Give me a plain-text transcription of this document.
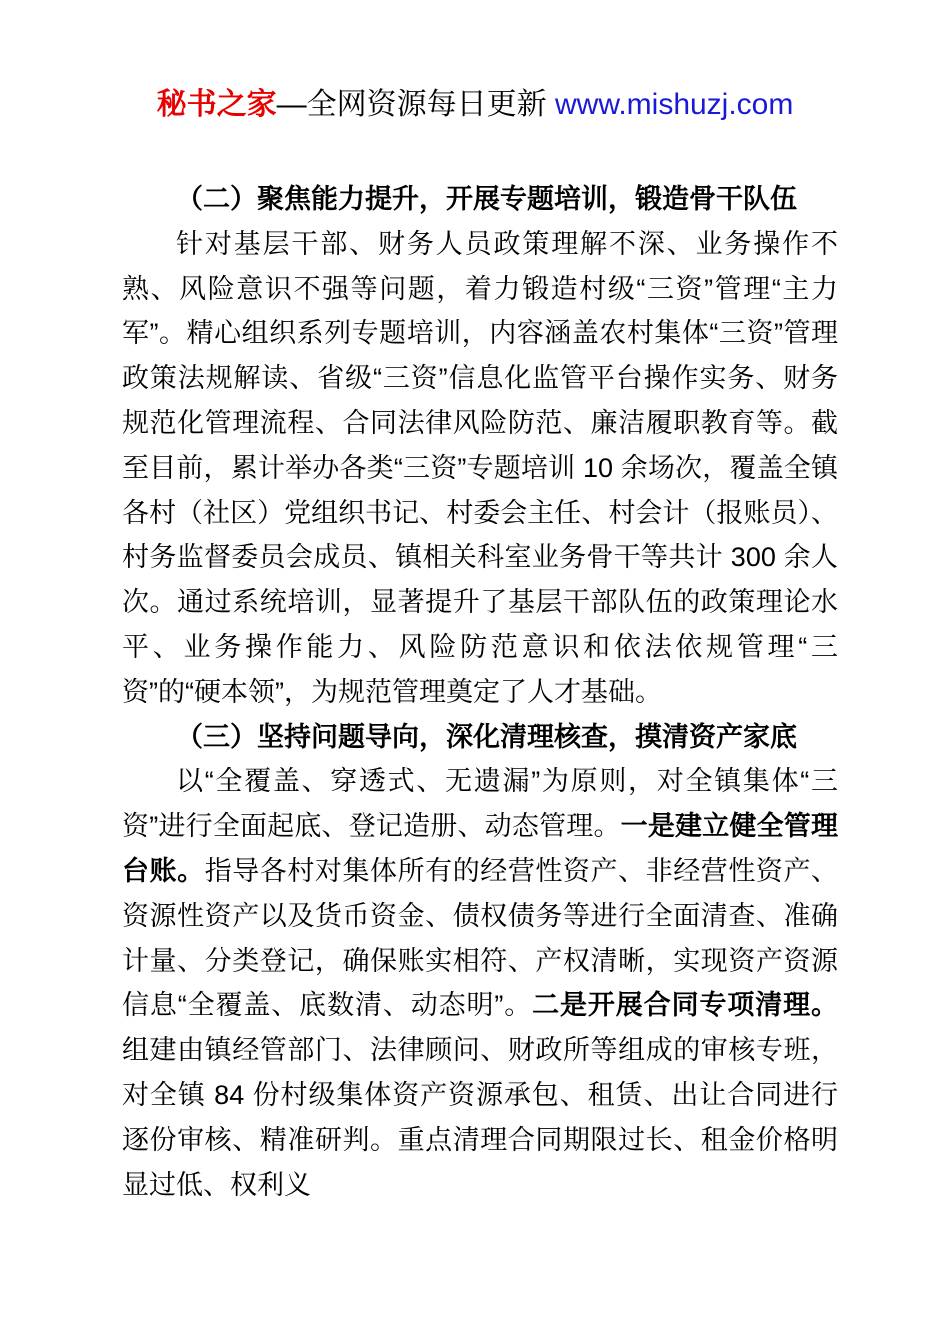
秘书之家—全网资源每日更新 www.mishuzj.com

（二）聚焦能力提升，开展专题培训，锻造骨干队伍

针对基层干部、财务人员政策理解不深、业务操作不熟、风险意识不强等问题，着力锻造村级“三资”管理“主力军”。精心组织系列专题培训，内容涵盖农村集体“三资”管理政策法规解读、省级“三资”信息化监管平台操作实务、财务规范化管理流程、合同法律风险防范、廉洁履职教育等。截至目前，累计举办各类“三资”专题培训 10 余场次，覆盖全镇各村（社区）党组织书记、村委会主任、村会计（报账员）、村务监督委员会成员、镇相关科室业务骨干等共计 300 余人次。通过系统培训，显著提升了基层干部队伍的政策理论水平、业务操作能力、风险防范意识和依法依规管理“三资”的“硬本领”，为规范管理奠定了人才基础。

（三）坚持问题导向，深化清理核查，摸清资产家底

以“全覆盖、穿透式、无遗漏”为原则，对全镇集体“三资”进行全面起底、登记造册、动态管理。一是建立健全管理台账。指导各村对集体所有的经营性资产、非经营性资产、资源性资产以及货币资金、债权债务等进行全面清查、准确计量、分类登记，确保账实相符、产权清晰，实现资产资源信息“全覆盖、底数清、动态明”。二是开展合同专项清理。组建由镇经管部门、法律顾问、财政所等组成的审核专班，对全镇 84 份村级集体资产资源承包、租赁、出让合同进行逐份审核、精准研判。重点清理合同期限过长、租金价格明显过低、权利义
